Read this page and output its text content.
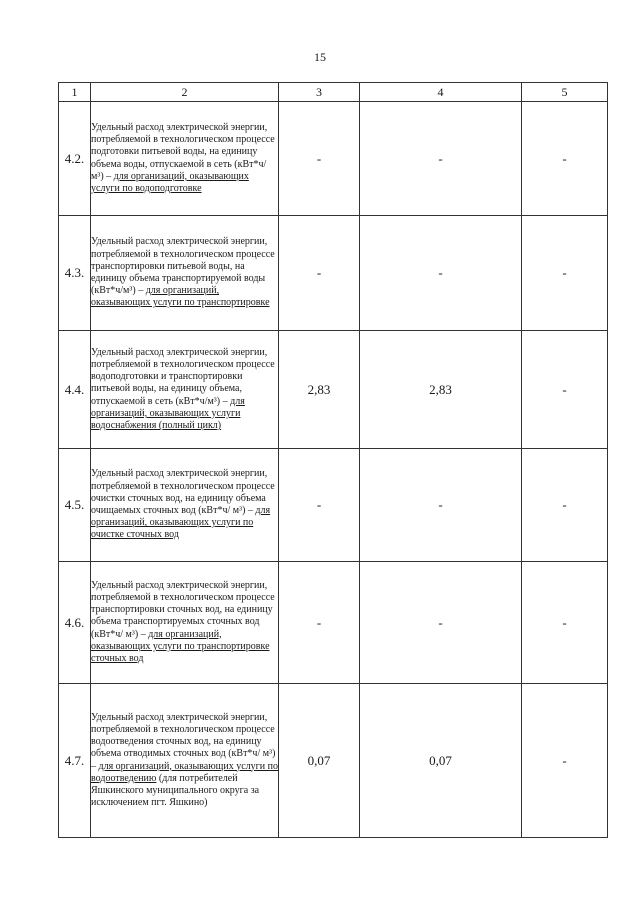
15
1	2	3	4	5
4.2.	Удельный расход электрической энергии, потребляемой в технологическом процессе подготовки питьевой воды, на единицу объема воды, отпускаемой в сеть (кВт*ч/м³) – для организаций, оказывающих услуги по водоподготовке	-	-	-
4.3.	Удельный расход электрической энергии, потребляемой в технологическом процессе транспортировки питьевой воды, на единицу объема транспортируемой воды (кВт*ч/м³) – для организаций, оказывающих услуги по транспортировке	-	-	-
4.4.	Удельный расход электрической энергии, потребляемой в технологическом процессе водоподготовки и транспортировки питьевой воды, на единицу объема, отпускаемой в сеть (кВт*ч/м³) – для организаций, оказывающих услуги водоснабжения (полный цикл)	2,83	2,83	-
4.5.	Удельный расход электрической энергии, потребляемой в технологическом процессе очистки сточных вод, на единицу объема очищаемых сточных вод (кВт*ч/ м³) – для организаций, оказывающих услуги по очистке сточных вод	-	-	-
4.6.	Удельный расход электрической энергии, потребляемой в технологическом процессе транспортировки сточных вод, на единицу объема транспортируемых сточных вод (кВт*ч/ м³) – для организаций, оказывающих услуги по транспортировке сточных вод	-	-	-
4.7.	Удельный расход электрической энергии, потребляемой в технологическом процессе водоотведения сточных вод, на единицу объема отводимых сточных вод (кВт*ч/ м³) – для организаций, оказывающих услуги по водоотведению (для потребителей Яшкинского муниципального округа за исключением пгт. Яшкино)	0,07	0,07	-
